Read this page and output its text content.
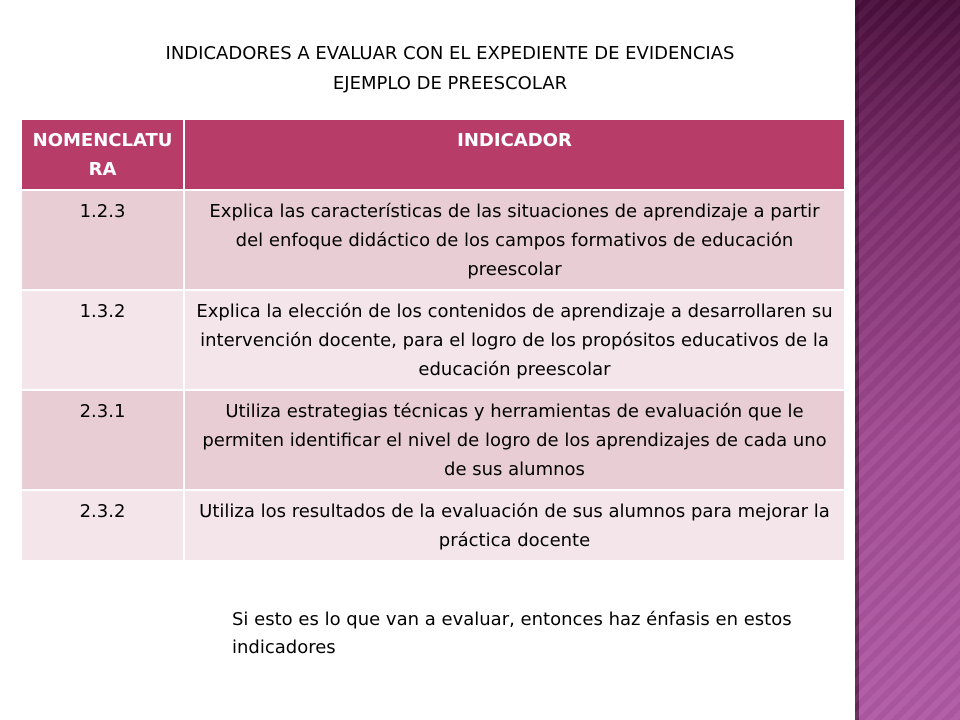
INDICADORES A EVALUAR CON EL EXPEDIENTE DE EVIDENCIAS
EJEMPLO DE PREESCOLAR
NOMENCLATURA	INDICADOR
1.2.3	Explica las características de las situaciones de aprendizaje a partir del enfoque didáctico de los campos formativos de educación preescolar
1.3.2	Explica la elección de los contenidos de aprendizaje a desarrollaren su intervención docente, para el logro de los propósitos educativos de la educación preescolar
2.3.1	Utiliza estrategias técnicas y herramientas de evaluación que le permiten identificar el nivel de logro de los aprendizajes de cada uno de sus alumnos
2.3.2	Utiliza los resultados de la evaluación de sus alumnos para mejorar la práctica docente
Si esto es lo que van a evaluar, entonces haz énfasis en estos indicadores
